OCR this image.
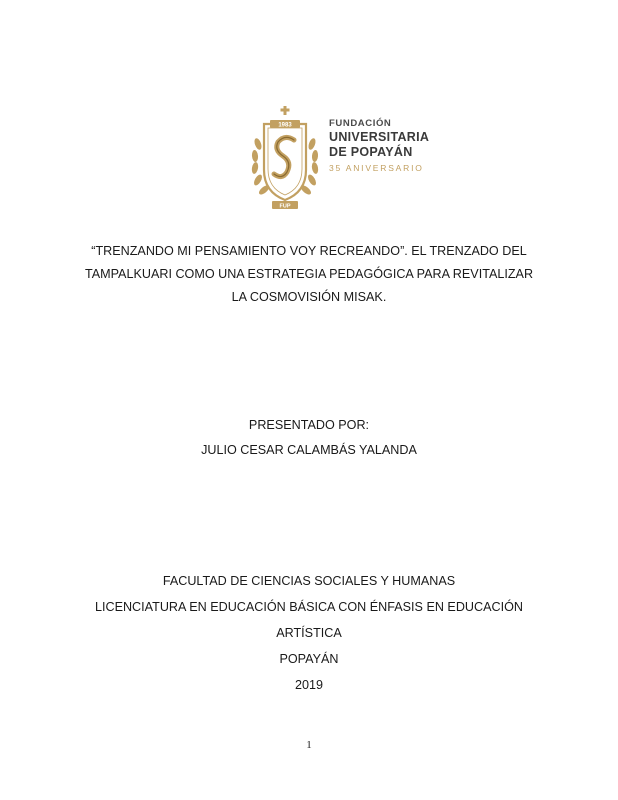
1983
FUP
FUNDACIÓN
UNIVERSITARIA
DE POPAYÁN
35 ANIVERSARIO
“TRENZANDO MI PENSAMIENTO VOY RECREANDO”. EL TRENZADO DEL
TAMPALKUARI COMO UNA ESTRATEGIA PEDAGÓGICA PARA REVITALIZAR
LA COSMOVISIÓN MISAK.
PRESENTADO POR:
JULIO CESAR CALAMBÁS YALANDA
FACULTAD DE CIENCIAS SOCIALES Y HUMANAS
LICENCIATURA EN EDUCACIÓN BÁSICA CON ÉNFASIS EN EDUCACIÓN
ARTÍSTICA
POPAYÁN
2019
1
